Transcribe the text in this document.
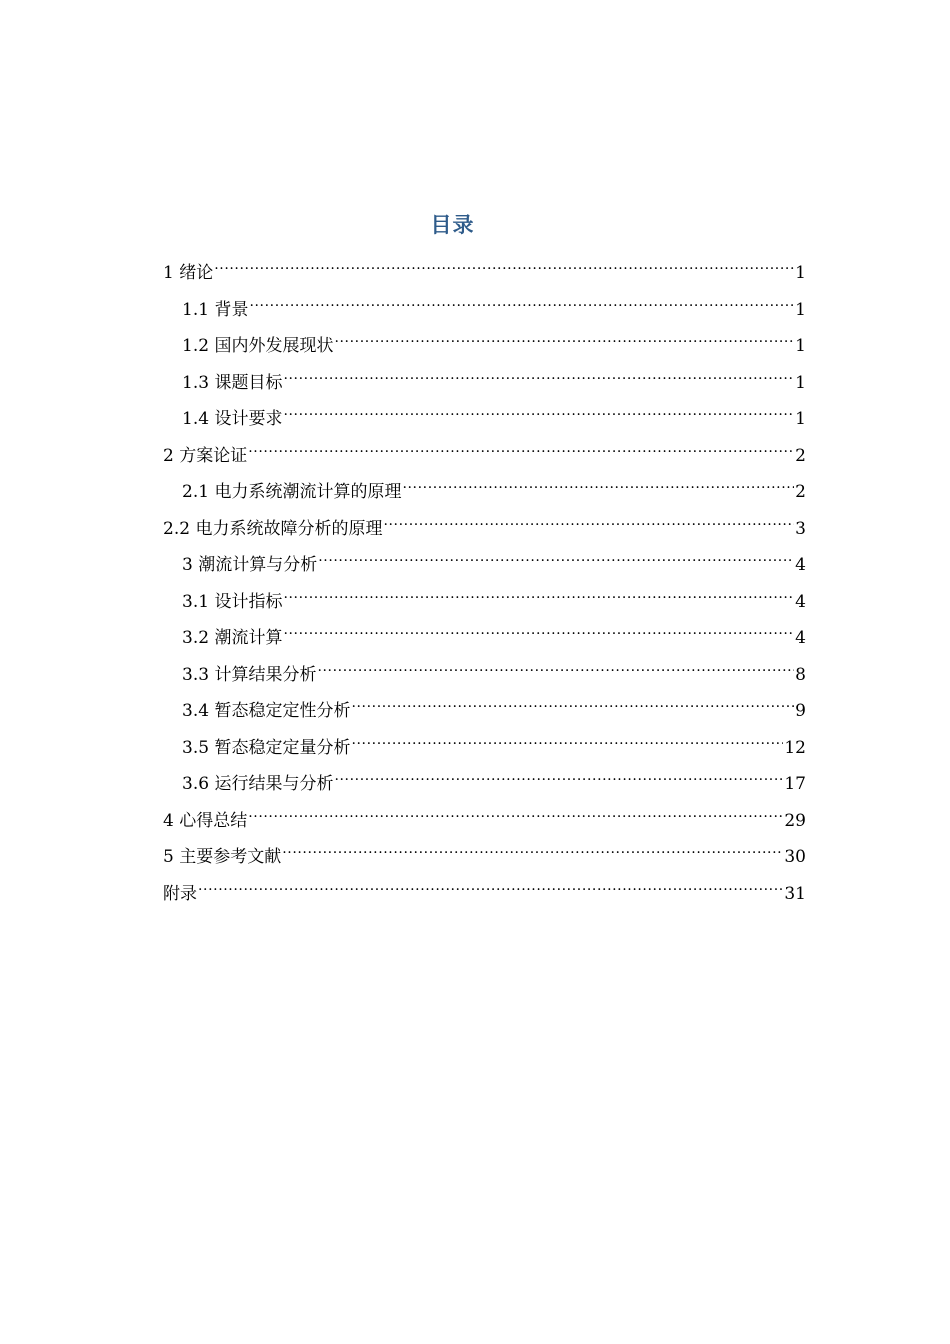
目录
1 绪论 .....	1
1.1 背景 .....	1
1.2 国内外发展现状 .....	1
1.3 课题目标 .....	1
1.4 设计要求 .....	1
2 方案论证 .....	2
2.1 电力系统潮流计算的原理 .....	2
2.2 电力系统故障分析的原理 .....	3
3 潮流计算与分析 .....	4
3.1 设计指标 .....	4
3.2 潮流计算 .....	4
3.3 计算结果分析 .....	8
3.4 暂态稳定定性分析 .....	9
3.5 暂态稳定定量分析 .....	12
3.6 运行结果与分析 .....	17
4 心得总结 .....	29
5 主要参考文献 .....	30
附录 .....	31
